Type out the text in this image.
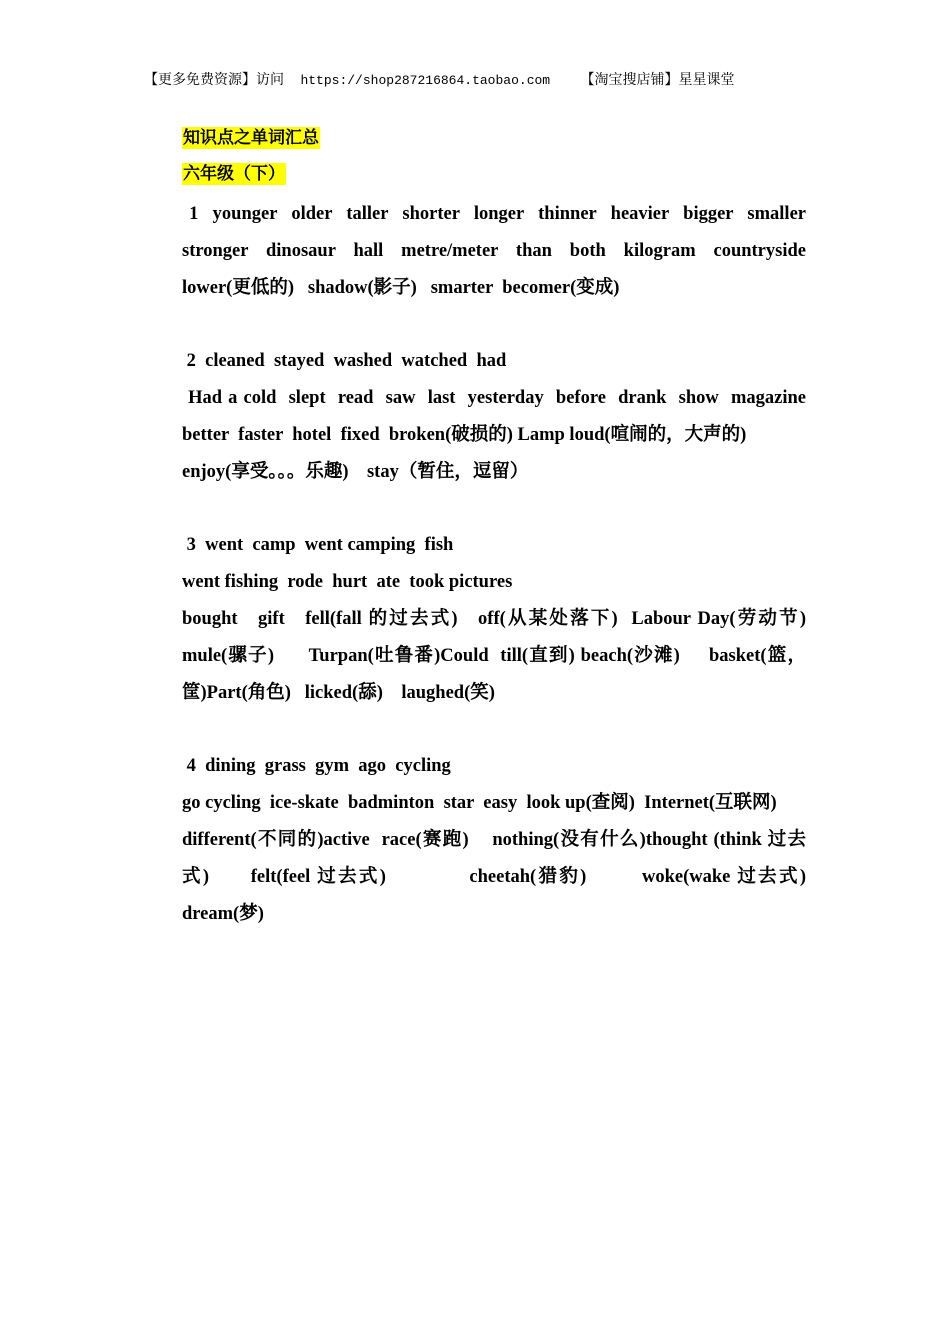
【更多免费资源】访问 https://shop287216864.taobao.com 【淘宝搜店铺】星星课堂

知识点之单词汇总

六年级（下）

1  younger  older  taller  shorter  longer  thinner  heavier  bigger  smaller

stronger  dinosaur  hall  metre/meter  than  both  kilogram  countryside

lower(更低的)   shadow(影子)   smarter  becomer(变成)

2  cleaned  stayed  washed  watched  had

Had a cold  slept  read  saw  last  yesterday  before  drank  show  magazine

better  faster  hotel  fixed  broken(破损的) Lamp loud(喧闹的，大声的)

enjoy(享受。。。乐趣)    stay（暂住，逗留）

3  went  camp  went camping  fish

went fishing  rode  hurt  ate  took pictures

bought   gift   fell(fall 的过去式)   off(从某处落下)  Labour Day(劳动节)

mule(骡子)      Turpan(吐鲁番)Could  till(直到) beach(沙滩)     basket(篮，

筐)Part(角色)   licked(舔)    laughed(笑)

4  dining  grass  gym  ago  cycling

go cycling  ice-skate  badminton  star  easy  look up(查阅)  Internet(互联网)

different(不同的)active  race(赛跑)    nothing(没有什么)thought (think 过去

式)      felt(feel 过去式)            cheetah(猎豹)        woke(wake 过去式)

dream(梦)
